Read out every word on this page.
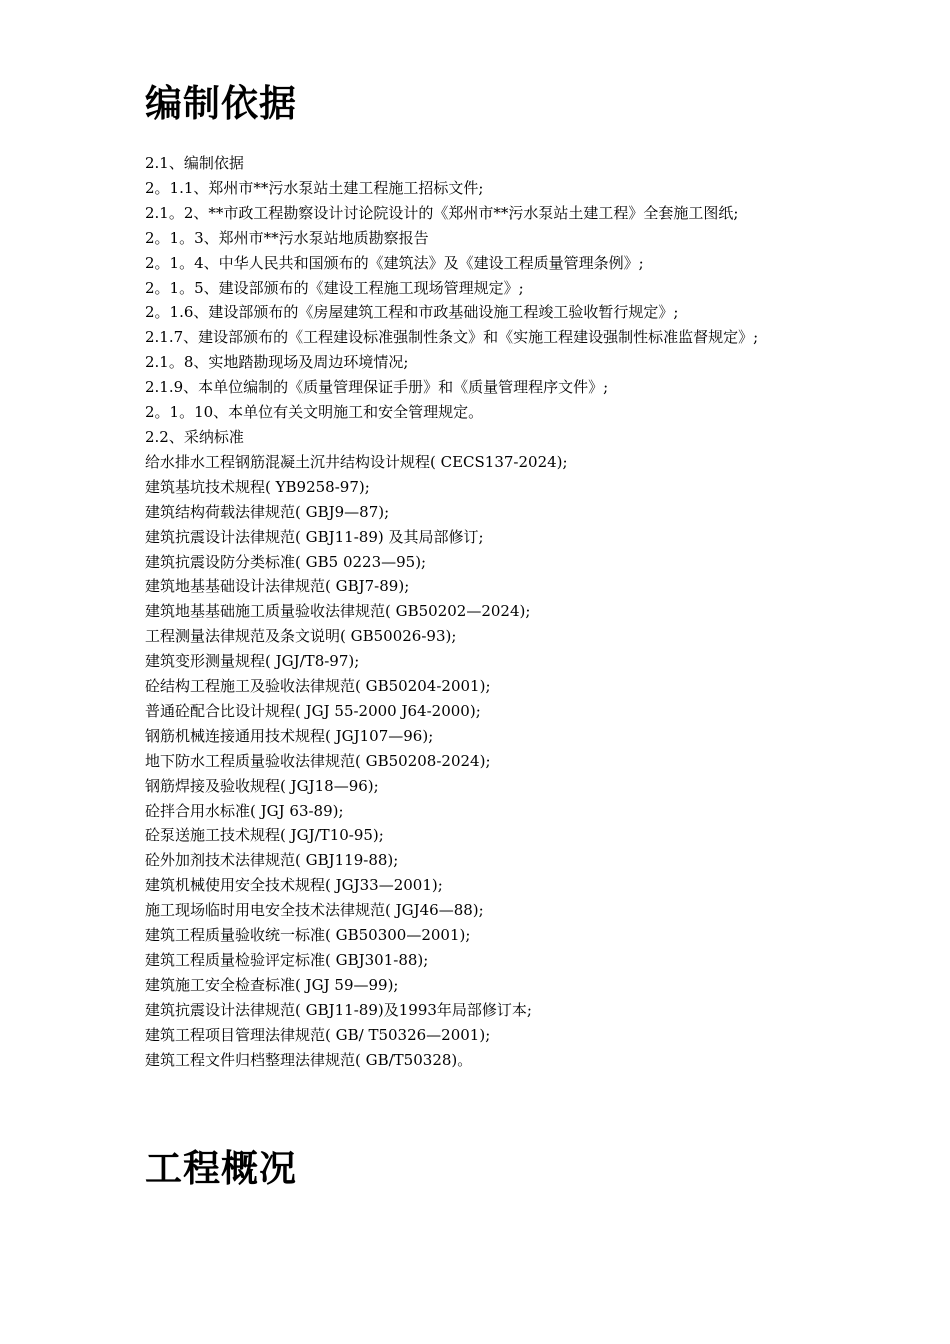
编制依据
2.1、编制依据
2。1.1、郑州市**污水泵站土建工程施工招标文件;
2.1。2、**市政工程勘察设计讨论院设计的《郑州市**污水泵站土建工程》全套施工图纸;
2。1。3、郑州市**污水泵站地质勘察报告
2。1。4、中华人民共和国颁布的《建筑法》及《建设工程质量管理条例》;
2。1。5、建设部颁布的《建设工程施工现场管理规定》;
2。1.6、建设部颁布的《房屋建筑工程和市政基础设施工程竣工验收暂行规定》;
2.1.7、建设部颁布的《工程建设标准强制性条文》和《实施工程建设强制性标准监督规定》;
2.1。8、实地踏勘现场及周边环境情况;
2.1.9、本单位编制的《质量管理保证手册》和《质量管理程序文件》;
2。1。10、本单位有关文明施工和安全管理规定。
2.2、采纳标准
给水排水工程钢筋混凝土沉井结构设计规程( CECS137-2024);
建筑基坑技术规程( YB9258-97);
建筑结构荷载法律规范( GBJ9—87);
建筑抗震设计法律规范( GBJ11-89) 及其局部修订;
建筑抗震设防分类标准( GB5 0223—95);
建筑地基基础设计法律规范( GBJ7-89);
建筑地基基础施工质量验收法律规范( GB50202—2024);
工程测量法律规范及条文说明( GB50026-93);
建筑变形测量规程( JGJ/T8-97);
砼结构工程施工及验收法律规范( GB50204-2001);
普通砼配合比设计规程( JGJ 55-2000 J64-2000);
钢筋机械连接通用技术规程( JGJ107—96);
地下防水工程质量验收法律规范( GB50208-2024);
钢筋焊接及验收规程( JGJ18—96);
砼拌合用水标准( JGJ 63-89);
砼泵送施工技术规程( JGJ/T10-95);
砼外加剂技术法律规范( GBJ119-88);
建筑机械使用安全技术规程( JGJ33—2001);
施工现场临时用电安全技术法律规范( JGJ46—88);
建筑工程质量验收统一标准( GB50300—2001);
建筑工程质量检验评定标准( GBJ301-88);
建筑施工安全检查标准( JGJ 59—99);
建筑抗震设计法律规范( GBJ11-89)及1993年局部修订本;
建筑工程项目管理法律规范( GB/ T50326—2001);
建筑工程文件归档整理法律规范( GB/T50328)。
工程概况
